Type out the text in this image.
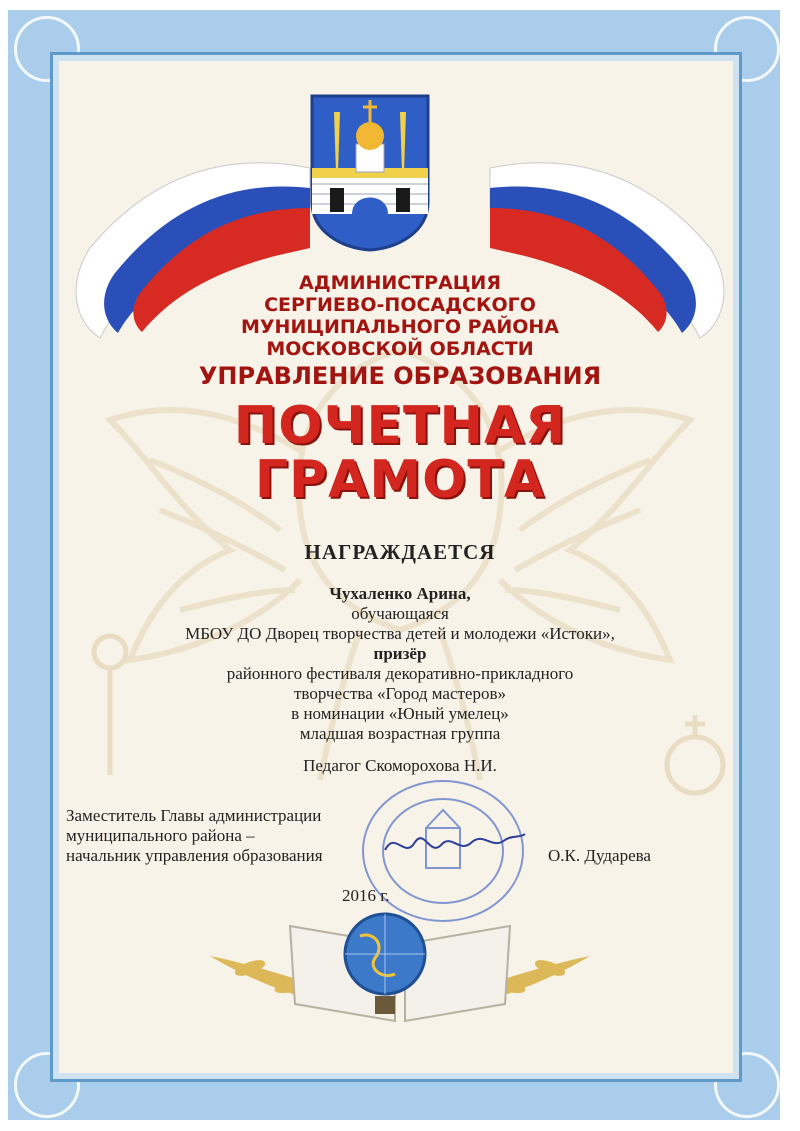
АДМИНИСТРАЦИЯ
СЕРГИЕВО-ПОСАДСКОГО
МУНИЦИПАЛЬНОГО РАЙОНА
МОСКОВСКОЙ ОБЛАСТИ
УПРАВЛЕНИЕ ОБРАЗОВАНИЯ
ПОЧЕТНАЯ
ГРАМОТА
НАГРАЖДАЕТСЯ
Чухаленко Арина,
обучающаяся
МБОУ ДО Дворец творчества детей и молодежи «Истоки»,
призёр
районного фестиваля декоративно-прикладного
творчества «Город мастеров»
в номинации «Юный умелец»
младшая возрастная группа
Педагог Скоморохова Н.И.
Заместитель Главы администрации
муниципального района –
начальник управления образования	О.К. Дударева
2016 г.
